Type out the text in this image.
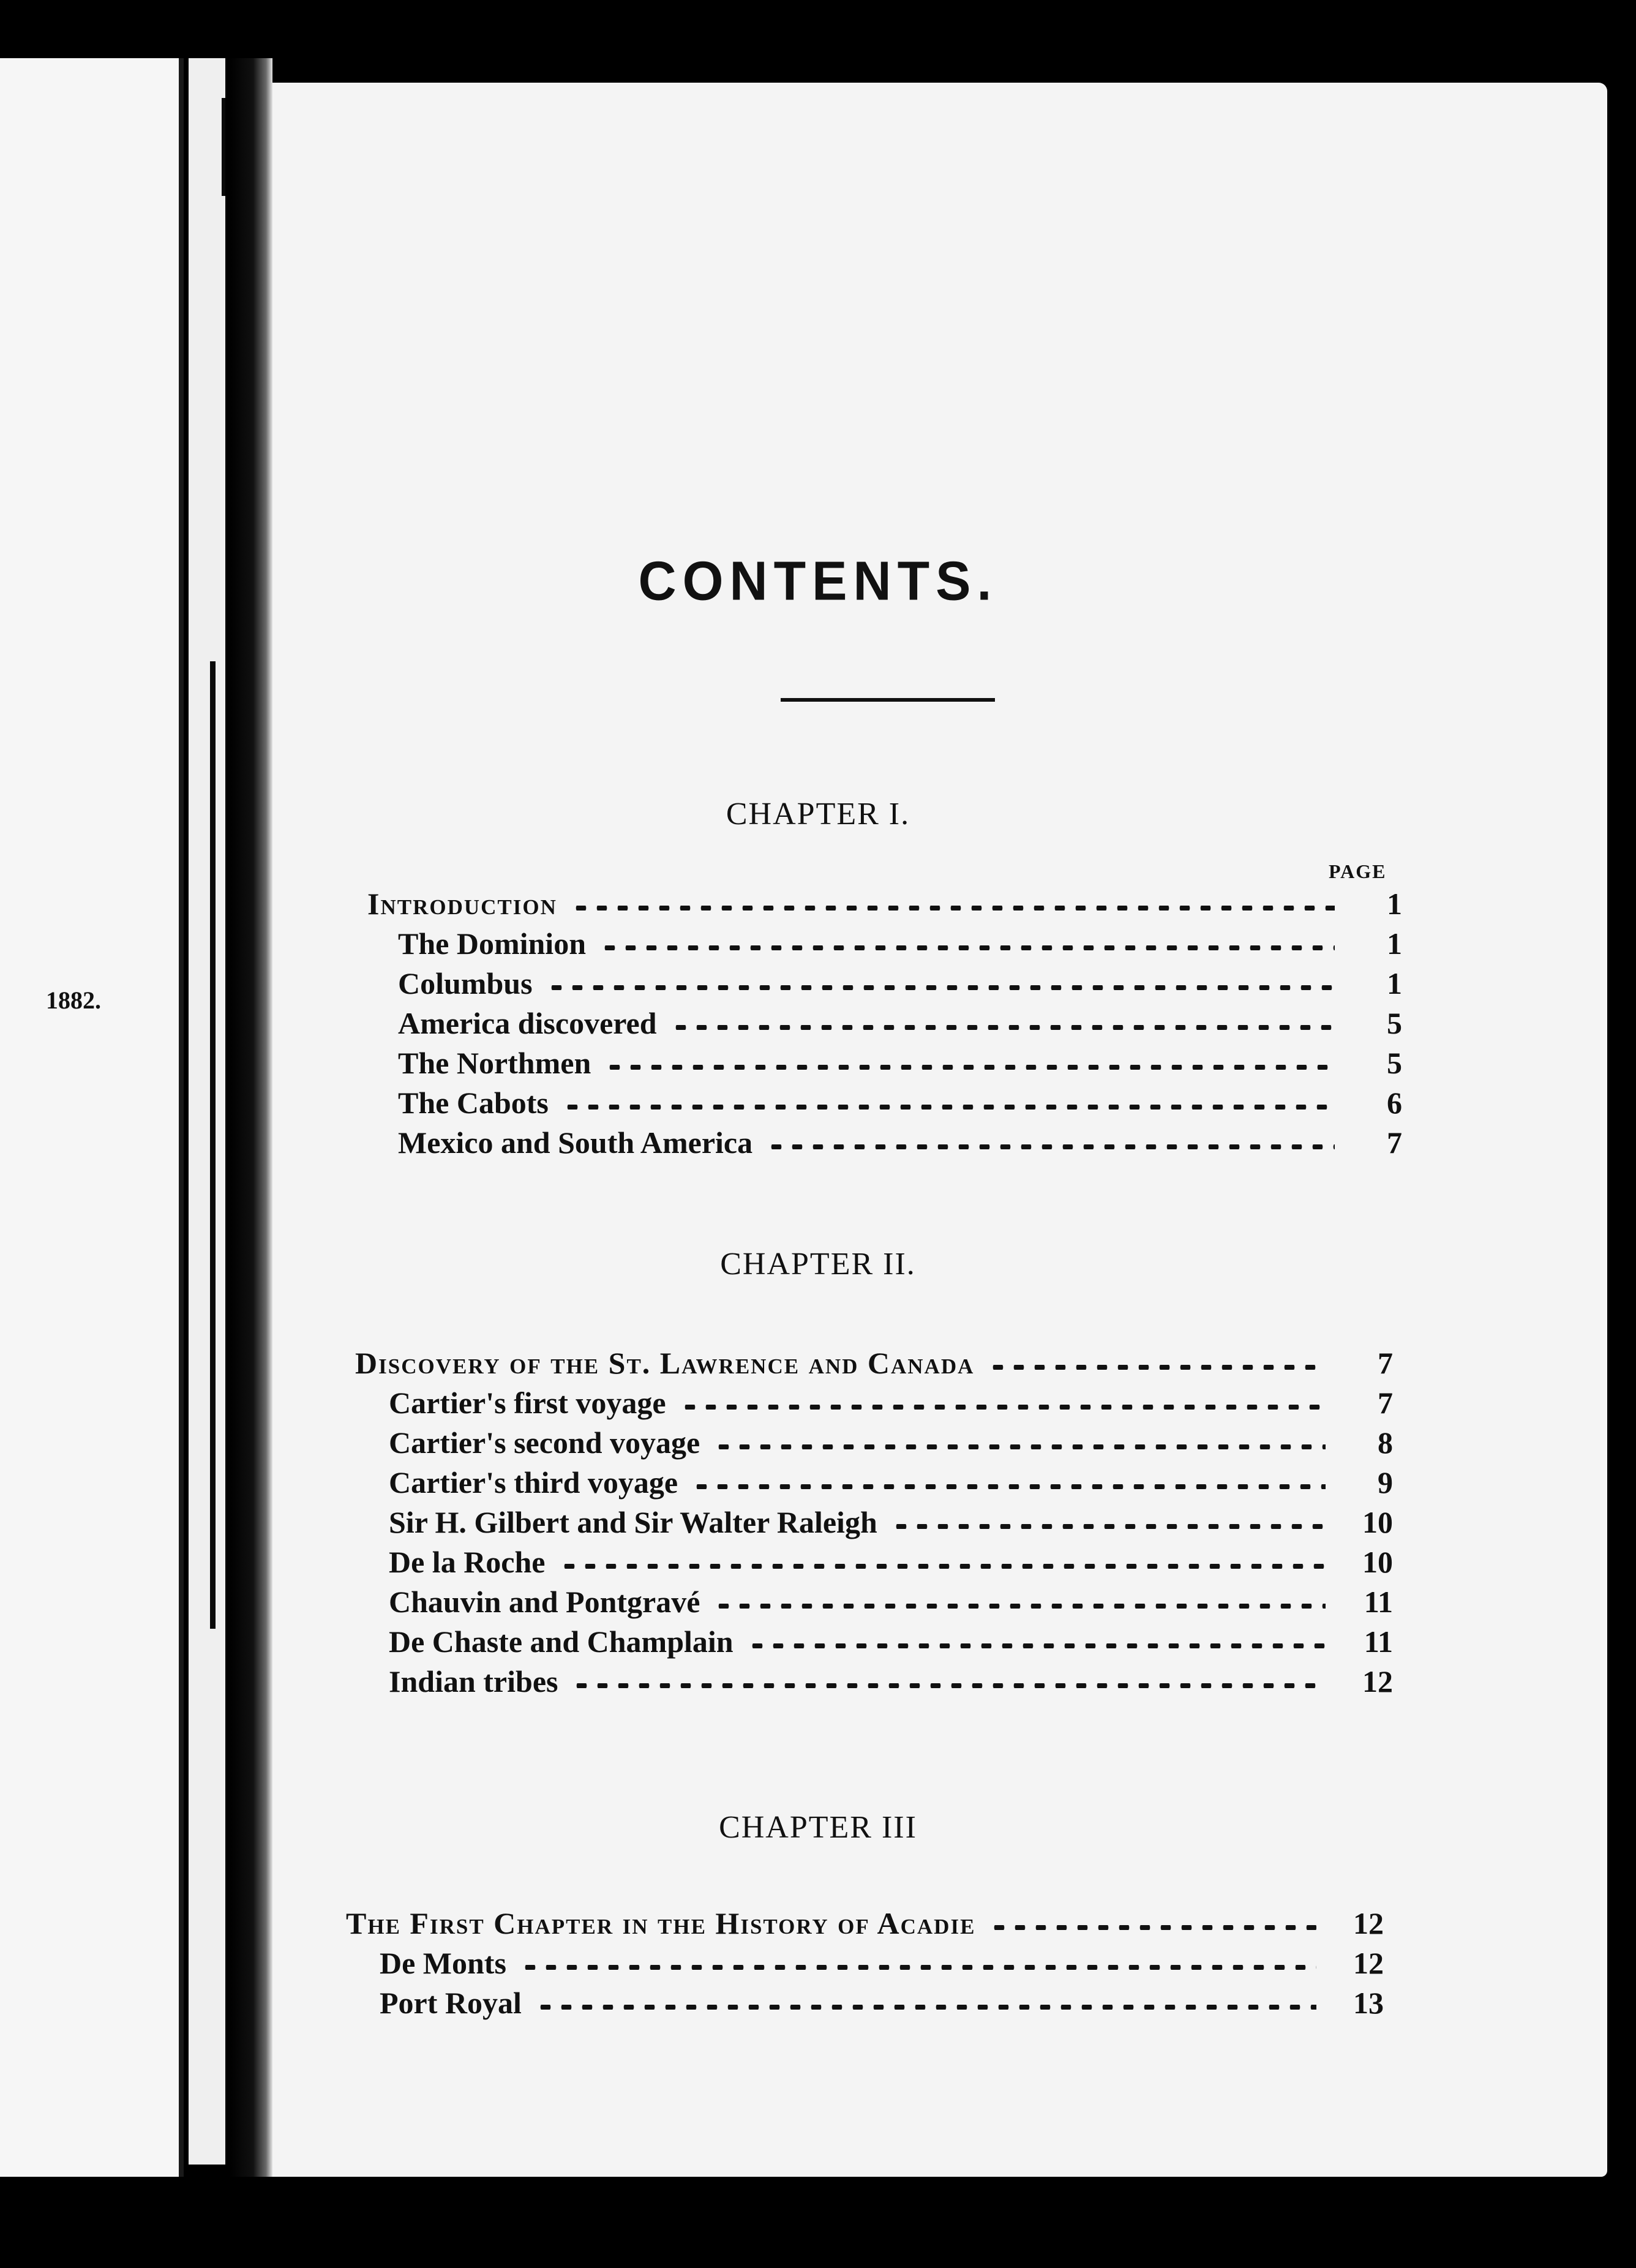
1882.
CONTENTS.
PAGE
CHAPTER I.
Introduction	1
The Dominion	1
Columbus	1
America discovered	5
The Northmen	5
The Cabots	6
Mexico and South America	7
CHAPTER II.
Discovery of the St. Lawrence and Canada	7
Cartier's first voyage	7
Cartier's second voyage	8
Cartier's third voyage	9
Sir H. Gilbert and Sir Walter Raleigh	10
De la Roche	10
Chauvin and Pontgravé	11
De Chaste and Champlain	11
Indian tribes	12
CHAPTER III
The First Chapter in the History of Acadie	12
De Monts	12
Port Royal	13
